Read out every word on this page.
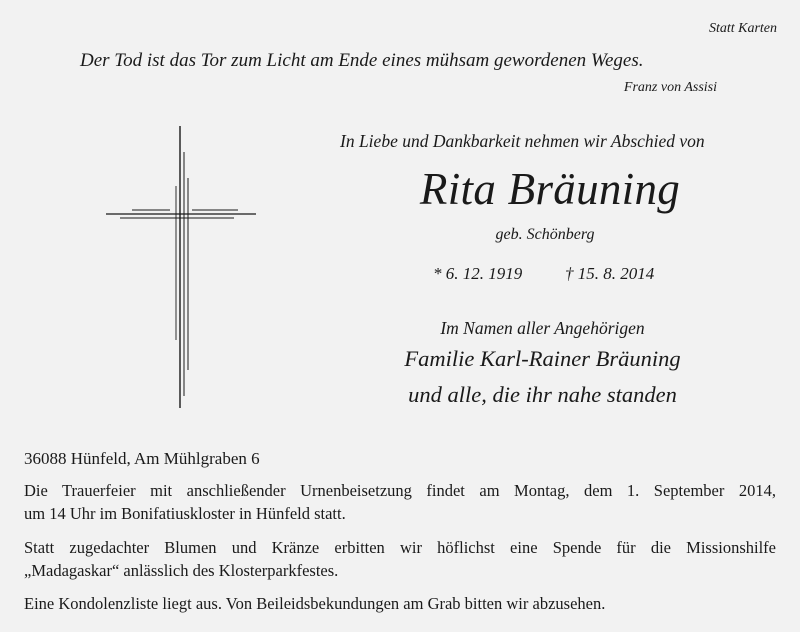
Statt Karten
Der Tod ist das Tor zum Licht am Ende eines mühsam gewordenen Weges.
Franz von Assisi
In Liebe und Dankbarkeit nehmen wir Abschied von
Rita Bräuning
geb. Schönberg
* 6. 12. 1919	† 15. 8. 2014
Im Namen aller Angehörigen
Familie Karl-Rainer Bräuning
und alle, die ihr nahe standen
36088 Hünfeld, Am Mühlgraben 6
Die Trauerfeier mit anschließender Urnenbeisetzung findet am Montag, dem 1. September 2014,
um 14 Uhr im Bonifatiuskloster in Hünfeld statt.
Statt zugedachter Blumen und Kränze erbitten wir höflichst eine Spende für die Missionshilfe
„Madagaskar“ anlässlich des Klosterparkfestes.
Eine Kondolenzliste liegt aus. Von Beileidsbekundungen am Grab bitten wir abzusehen.
